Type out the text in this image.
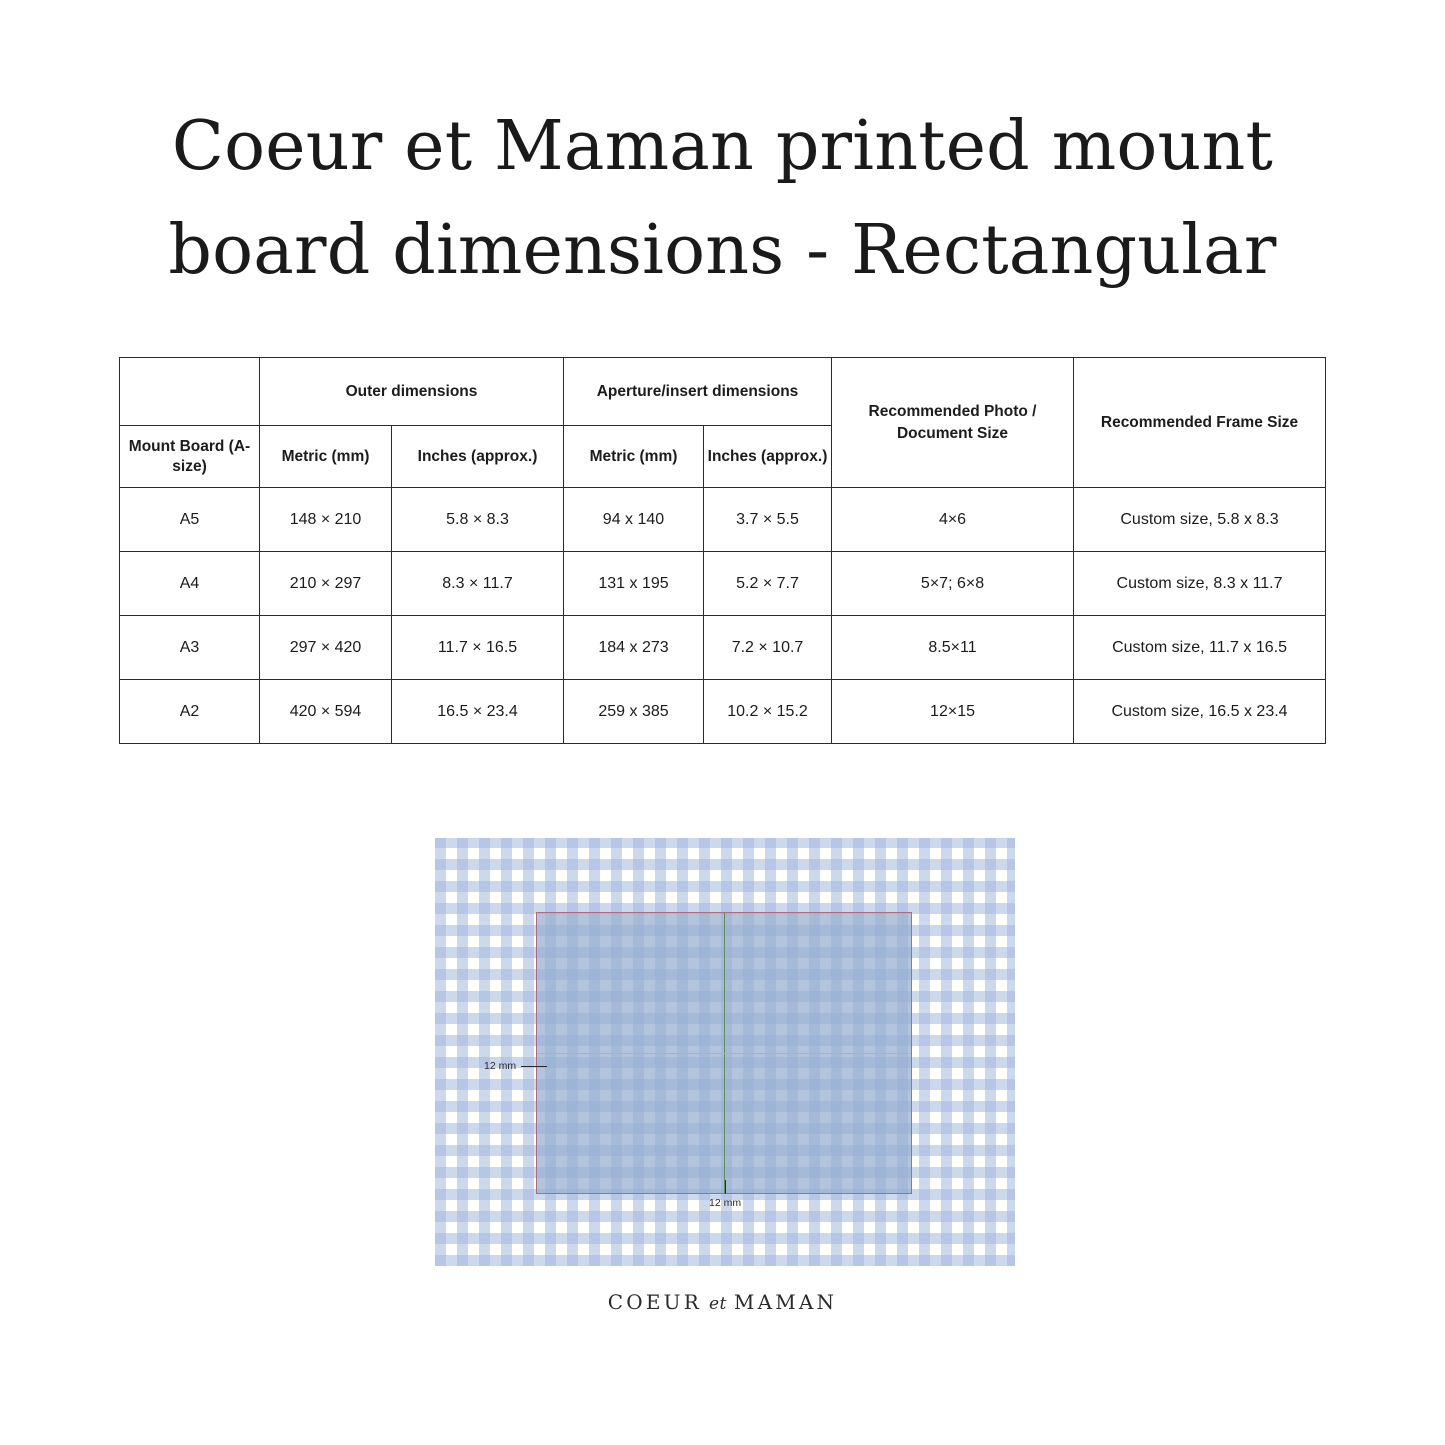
Coeur et Maman printed mount
board dimensions - Rectangular
	Outer dimensions		Aperture/insert dimensions		Recommended Photo / Document Size	Recommended Frame Size
Mount Board (A-size)	Metric (mm)	Inches (approx.)	Metric (mm)	Inches (approx.)		
A5	148 × 210	5.8 × 8.3	94 x 140	3.7 × 5.5	4×6	Custom size, 5.8 x 8.3
A4	210 × 297	8.3 × 11.7	131 x 195	5.2 × 7.7	5×7; 6×8	Custom size, 8.3 x 11.7
A3	297 × 420	11.7 × 16.5	184 x 273	7.2 × 10.7	8.5×11	Custom size, 11.7 x 16.5
A2	420 × 594	16.5 × 23.4	259 x 385	10.2 × 15.2	12×15	Custom size, 16.5 x 23.4
12 mm
12 mm
COEUR et MAMAN
